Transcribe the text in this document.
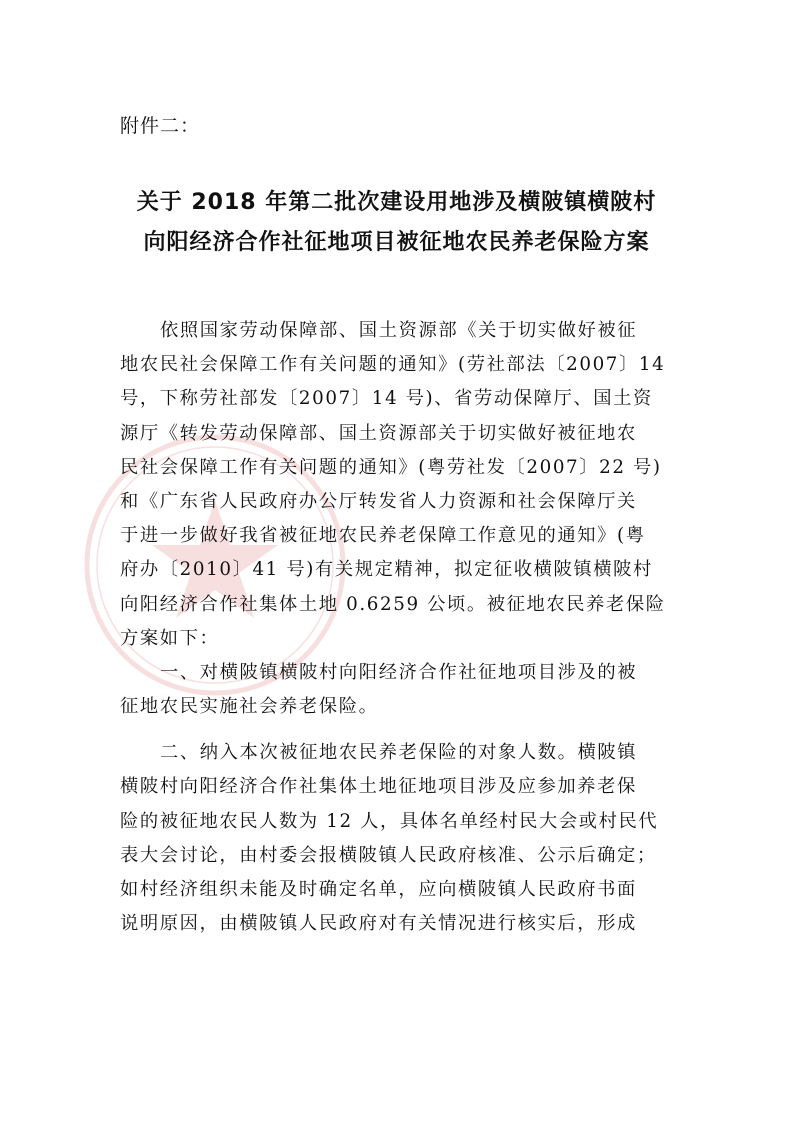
附件二：
关于 2018 年第二批次建设用地涉及横陂镇横陂村
向阳经济合作社征地项目被征地农民养老保险方案
依照国家劳动保障部、国土资源部《关于切实做好被征
地农民社会保障工作有关问题的通知》(劳社部法〔2007〕14
号，下称劳社部发〔2007〕14 号)、省劳动保障厅、国土资
源厅《转发劳动保障部、国土资源部关于切实做好被征地农
民社会保障工作有关问题的通知》(粤劳社发〔2007〕22 号)
和《广东省人民政府办公厅转发省人力资源和社会保障厅关
于进一步做好我省被征地农民养老保障工作意见的通知》(粤
府办〔2010〕41 号)有关规定精神，拟定征收横陂镇横陂村
向阳经济合作社集体土地 0.6259 公顷。被征地农民养老保险
方案如下：
一、对横陂镇横陂村向阳经济合作社征地项目涉及的被
征地农民实施社会养老保险。
二、纳入本次被征地农民养老保险的对象人数。横陂镇
横陂村向阳经济合作社集体土地征地项目涉及应参加养老保
险的被征地农民人数为 12 人，具体名单经村民大会或村民代
表大会讨论，由村委会报横陂镇人民政府核准、公示后确定；
如村经济组织未能及时确定名单，应向横陂镇人民政府书面
说明原因，由横陂镇人民政府对有关情况进行核实后，形成
